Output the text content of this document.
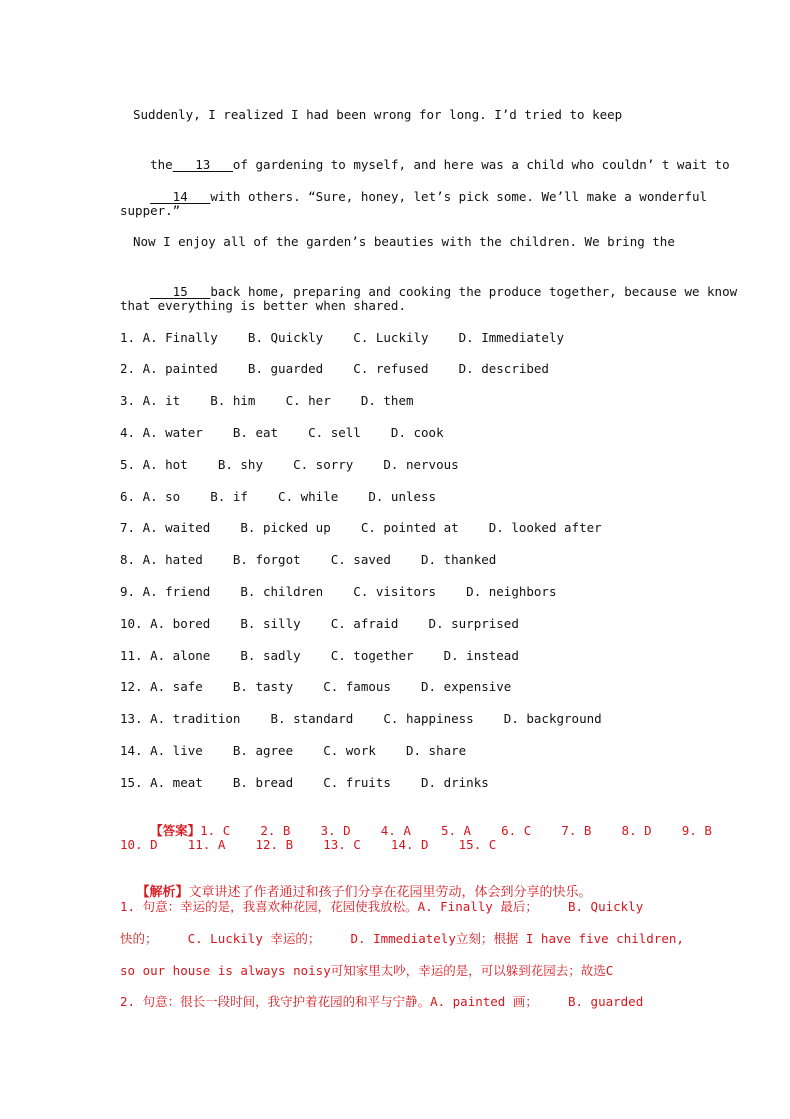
Suddenly, I realized I had been wrong for long. I’d tried to keep

the___13___of gardening to myself, and here was a child who couldn’ t wait to

___14___with others. “Sure, honey, let’s pick some. We’ll make a wonderful

supper.”
Now I enjoy all of the garden’s beauties with the children. We bring the

___15___back home, preparing and cooking the produce together, because we know

that everything is better when shared.
1. A. Finally    B. Quickly    C. Luckily    D. Immediately
2. A. painted    B. guarded    C. refused    D. described
3. A. it    B. him    C. her    D. them
4. A. water    B. eat    C. sell    D. cook
5. A. hot    B. shy    C. sorry    D. nervous
6. A. so    B. if    C. while    D. unless
7. A. waited    B. picked up    C. pointed at    D. looked after
8. A. hated    B. forgot    C. saved    D. thanked
9. A. friend    B. children    C. visitors    D. neighbors
10. A. bored    B. silly    C. afraid    D. surprised
11. A. alone    B. sadly    C. together    D. instead
12. A. safe    B. tasty    C. famous    D. expensive
13. A. tradition    B. standard    C. happiness    D. background
14. A. live    B. agree    C. work    D. share
15. A. meat    B. bread    C. fruits    D. drinks

【答案】1. C    2. B    3. D    4. A    5. A    6. C    7. B    8. D    9. B

10. D    11. A    12. B    13. C    14. D    15. C

【解析】文章讲述了作者通过和孩子们分享在花园里劳动，体会到分享的快乐。

1. 句意：幸运的是，我喜欢种花园，花园使我放松。A. Finally 最后；    B. Quickly
快的；    C. Luckily 幸运的；    D. Immediately立刻；根据 I have five children,
so our house is always noisy可知家里太吵，幸运的是，可以躲到花园去；故选C
2. 句意：很长一段时间，我守护着花园的和平与宁静。A. painted 画；    B. guarded
